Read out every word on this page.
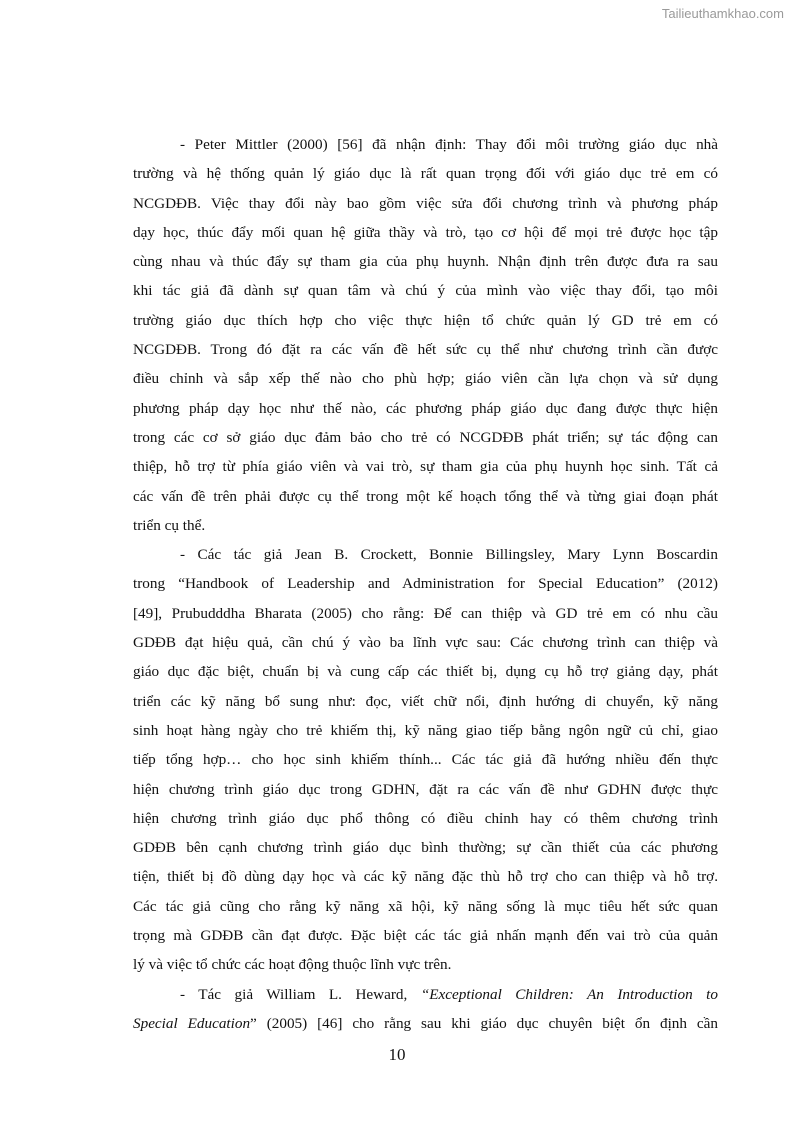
Tailieuthamkhao.com
- Peter Mittler (2000) [56] đã nhận định: Thay đổi môi trường giáo dục nhà
trường và hệ thống quản lý giáo dục là rất quan trọng đối với giáo dục trẻ em có
NCGDĐB. Việc thay đổi này bao gồm việc sửa đổi chương trình và phương pháp
dạy học, thúc đẩy mối quan hệ giữa thầy và trò, tạo cơ hội để mọi trẻ được học tập
cùng nhau và thúc đẩy sự tham gia của phụ huynh. Nhận định trên được đưa ra sau
khi tác giả đã dành sự quan tâm và chú ý của mình vào việc thay đổi, tạo môi
trường giáo dục thích hợp cho việc thực hiện tổ chức quản lý GD trẻ em có
NCGDĐB. Trong đó đặt ra các vấn đề hết sức cụ thể như chương trình cần được
điều chỉnh và sắp xếp thế nào cho phù hợp; giáo viên cần lựa chọn và sử dụng
phương pháp dạy học như thế nào, các phương pháp giáo dục đang được thực hiện
trong các cơ sở giáo dục đảm bảo cho trẻ có NCGDĐB phát triển; sự tác động can
thiệp, hỗ trợ từ phía giáo viên và vai trò, sự tham gia của phụ huynh học sinh. Tất cả
các vấn đề trên phải được cụ thể trong một kế hoạch tổng thể và từng giai đoạn phát
triển cụ thể.
- Các tác giả Jean B. Crockett, Bonnie Billingsley, Mary Lynn Boscardin
trong “Handbook of Leadership and Administration for Special Education” (2012)
[49], Prubudddha Bharata (2005) cho rằng: Để can thiệp và GD trẻ em có nhu cầu
GDĐB đạt hiệu quả, cần chú ý vào ba lĩnh vực sau: Các chương trình can thiệp và
giáo dục đặc biệt, chuẩn bị và cung cấp các thiết bị, dụng cụ hỗ trợ giảng dạy, phát
triển các kỹ năng bổ sung như: đọc, viết chữ nổi, định hướng di chuyển, kỹ năng
sinh hoạt hàng ngày cho trẻ khiếm thị, kỹ năng giao tiếp bằng ngôn ngữ củ chỉ, giao
tiếp tổng hợp… cho học sinh khiếm thính... Các tác giả đã hướng nhiều đến thực
hiện chương trình giáo dục trong GDHN, đặt ra các vấn đề như GDHN được thực
hiện chương trình giáo dục phổ thông có điều chỉnh hay có thêm chương trình
GDĐB bên cạnh chương trình giáo dục bình thường; sự cần thiết của các phương
tiện, thiết bị đồ dùng dạy học và các kỹ năng đặc thù hỗ trợ cho can thiệp và hỗ trợ.
Các tác giả cũng cho rằng kỹ năng xã hội, kỹ năng sống là mục tiêu hết sức quan
trọng mà GDĐB cần đạt được. Đặc biệt các tác giả nhấn mạnh đến vai trò của quản
lý và việc tổ chức các hoạt động thuộc lĩnh vực trên.
- Tác giả William L. Heward, “Exceptional Children: An Introduction to
Special Education” (2005) [46] cho rằng sau khi giáo dục chuyên biệt ổn định cần
10
